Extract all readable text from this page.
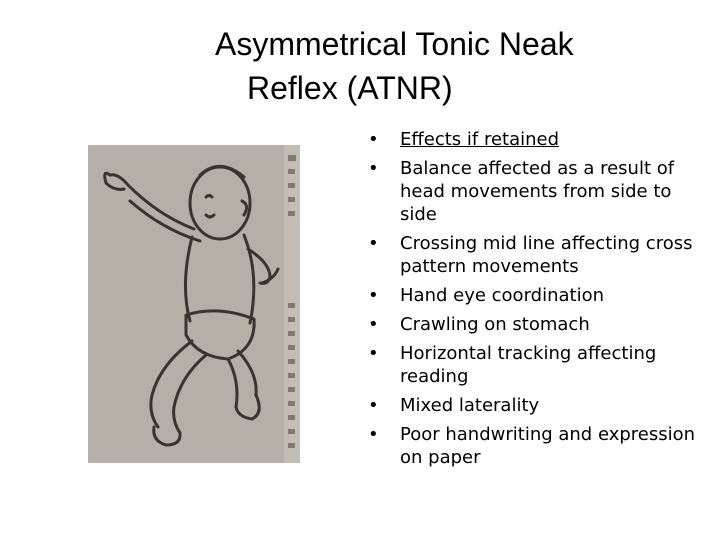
Asymmetrical Tonic Neak
Reflex (ATNR)
• Effects if retained
• Balance affected as a result of head movements from side to side
• Crossing mid line affecting cross pattern movements
• Hand eye coordination
• Crawling on stomach
• Horizontal tracking affecting reading
• Mixed laterality
• Poor handwriting and expression on paper
